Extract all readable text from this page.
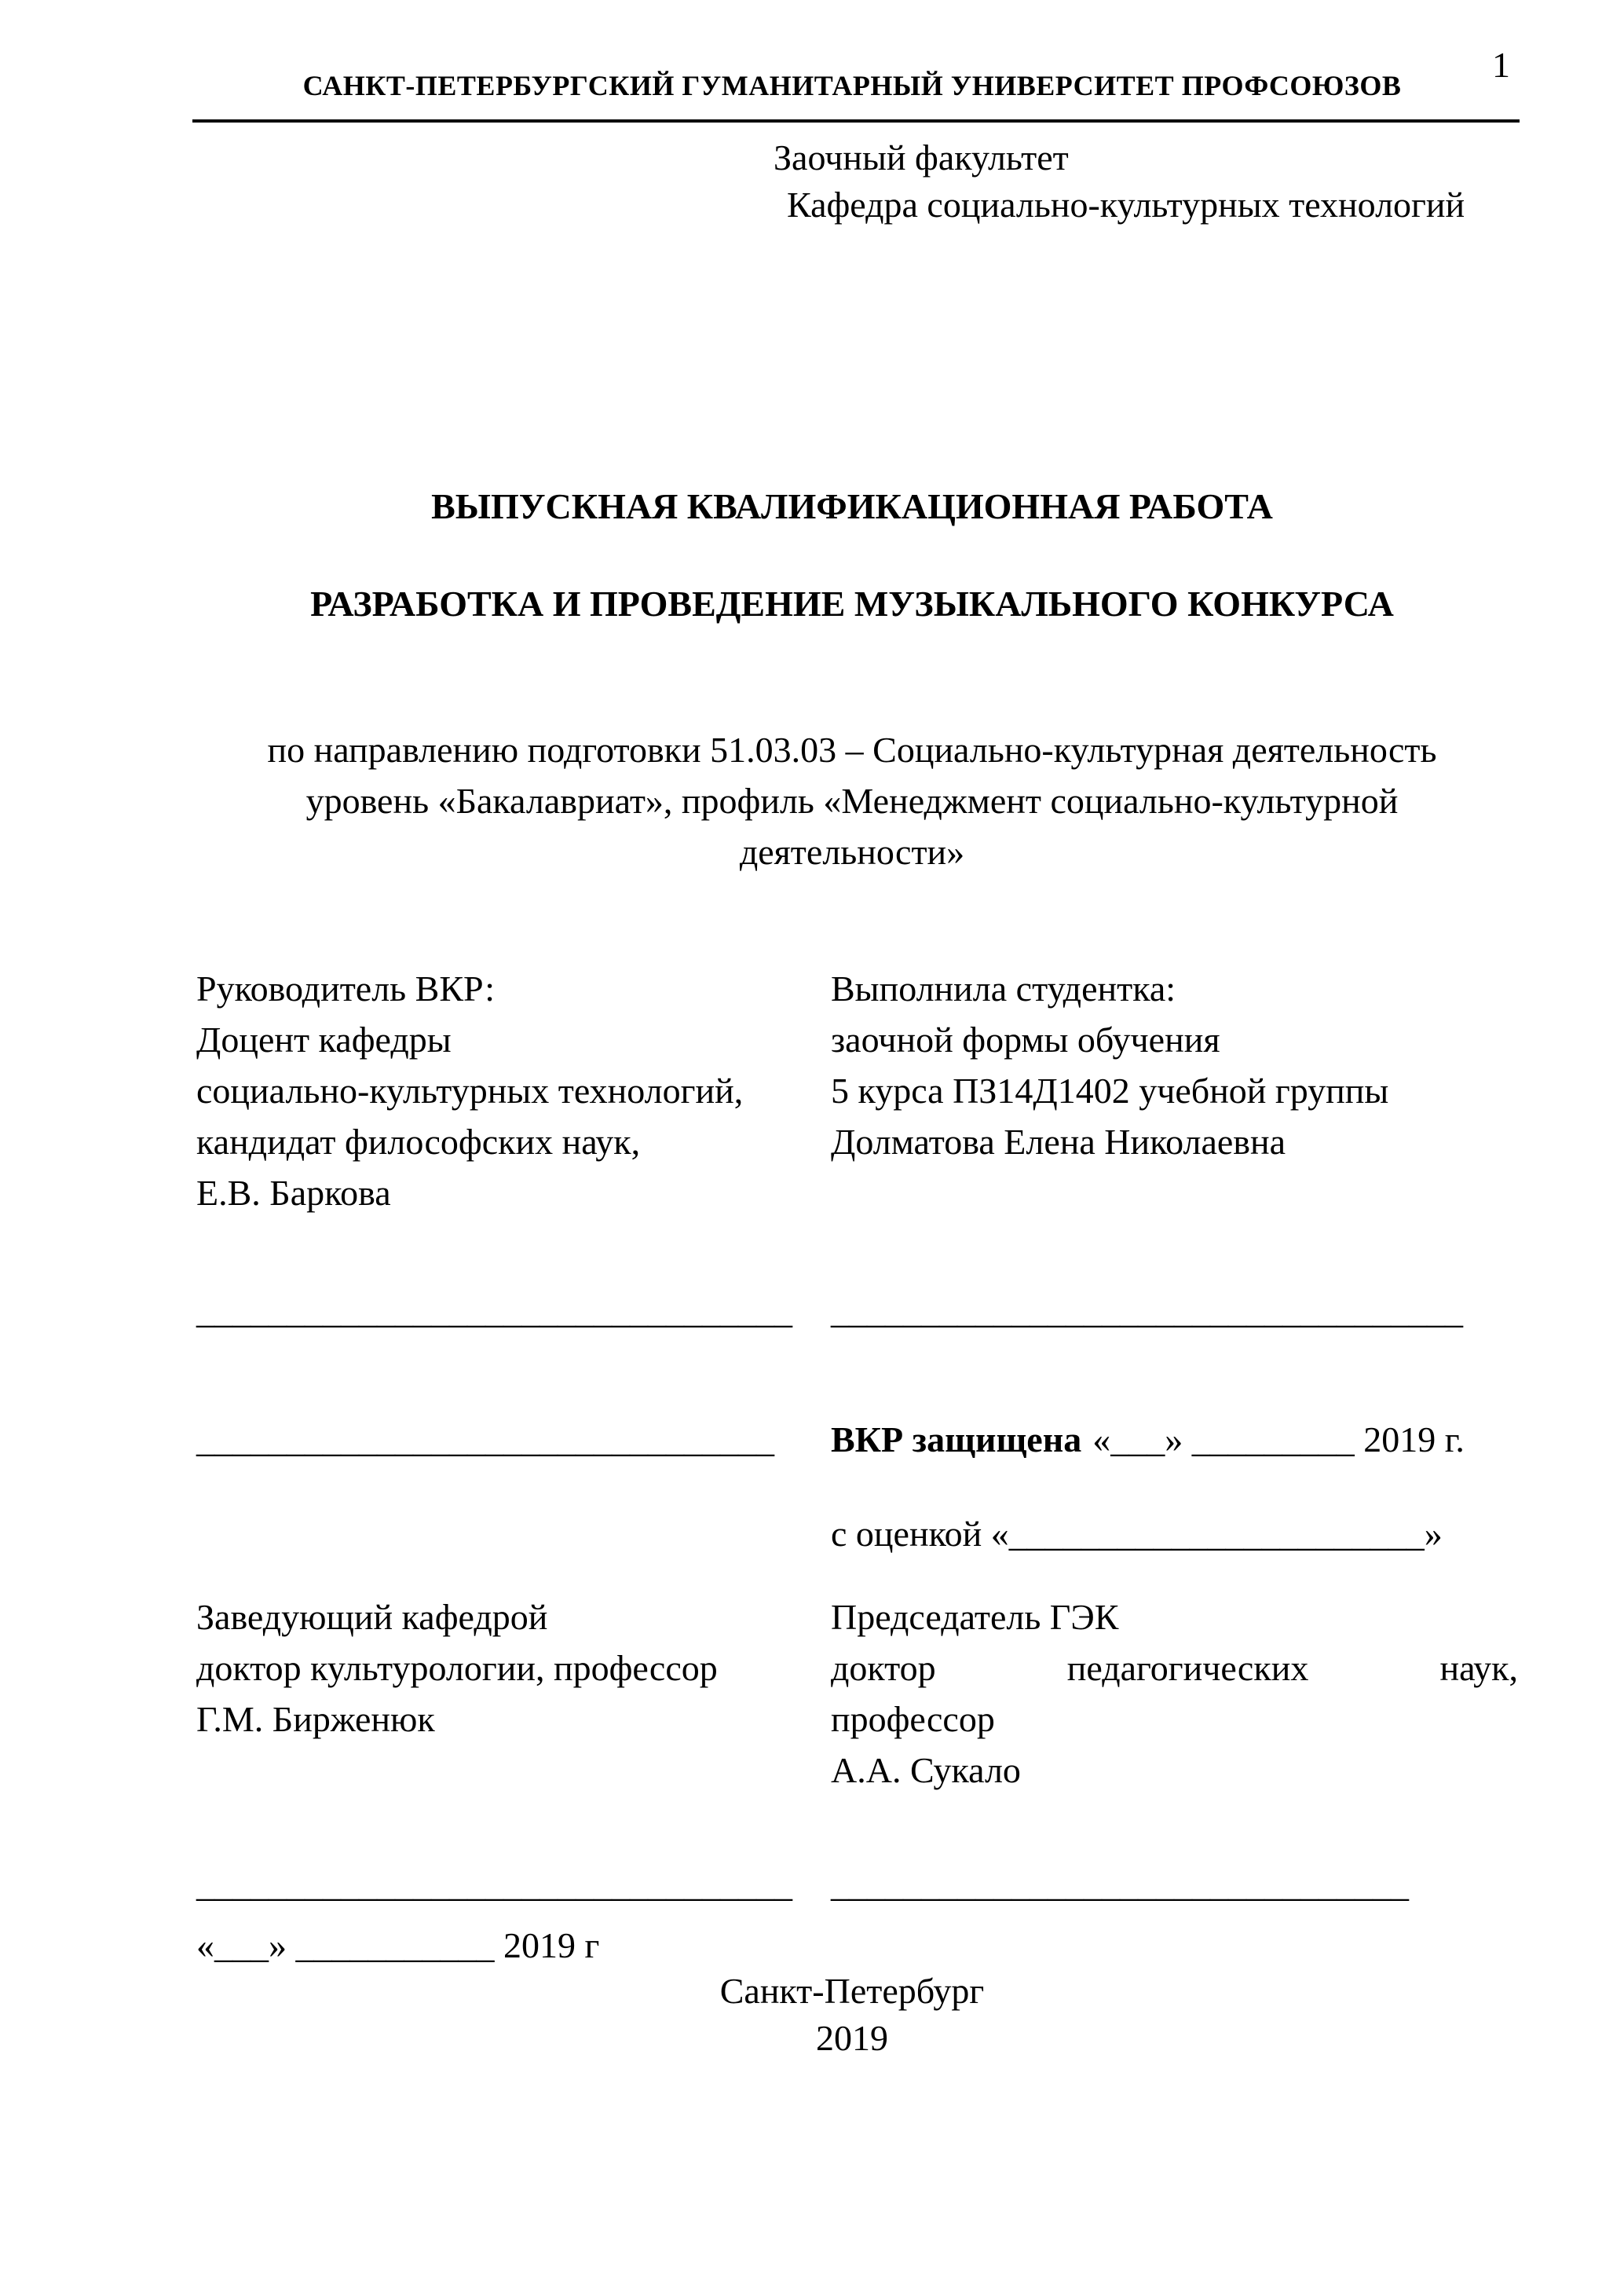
1
САНКТ-ПЕТЕРБУРГСКИЙ ГУМАНИТАРНЫЙ УНИВЕРСИТЕТ ПРОФСОЮЗОВ
Заочный факультет
Кафедра социально-культурных технологий
ВЫПУСКНАЯ КВАЛИФИКАЦИОННАЯ РАБОТА
РАЗРАБОТКА И ПРОВЕДЕНИЕ МУЗЫКАЛЬНОГО КОНКУРСА
по направлению подготовки 51.03.03 – Социально-культурная деятельность
уровень «Бакалавриат», профиль «Менеджмент социально-культурной
деятельности»
Руководитель ВКР:
Доцент кафедры
социально-культурных технологий,
кандидат философских наук,
Е.В. Баркова
Выполнила студентка:
заочной формы обучения
5 курса ПЗ14Д1402 учебной группы
Долматова Елена Николаевна
_________________________________ ___________________________________
________________________________ ВКР защищена «___» _________ 2019 г.
с оценкой «_______________________»
Заведующий кафедрой
доктор культурологии, профессор
Г.М. Бирженюк
Председатель ГЭК
доктор	педагогических	наук,
профессор
А.А. Сукало
_________________________________ ________________________________
«___» ___________ 2019 г
Санкт-Петербург
2019
